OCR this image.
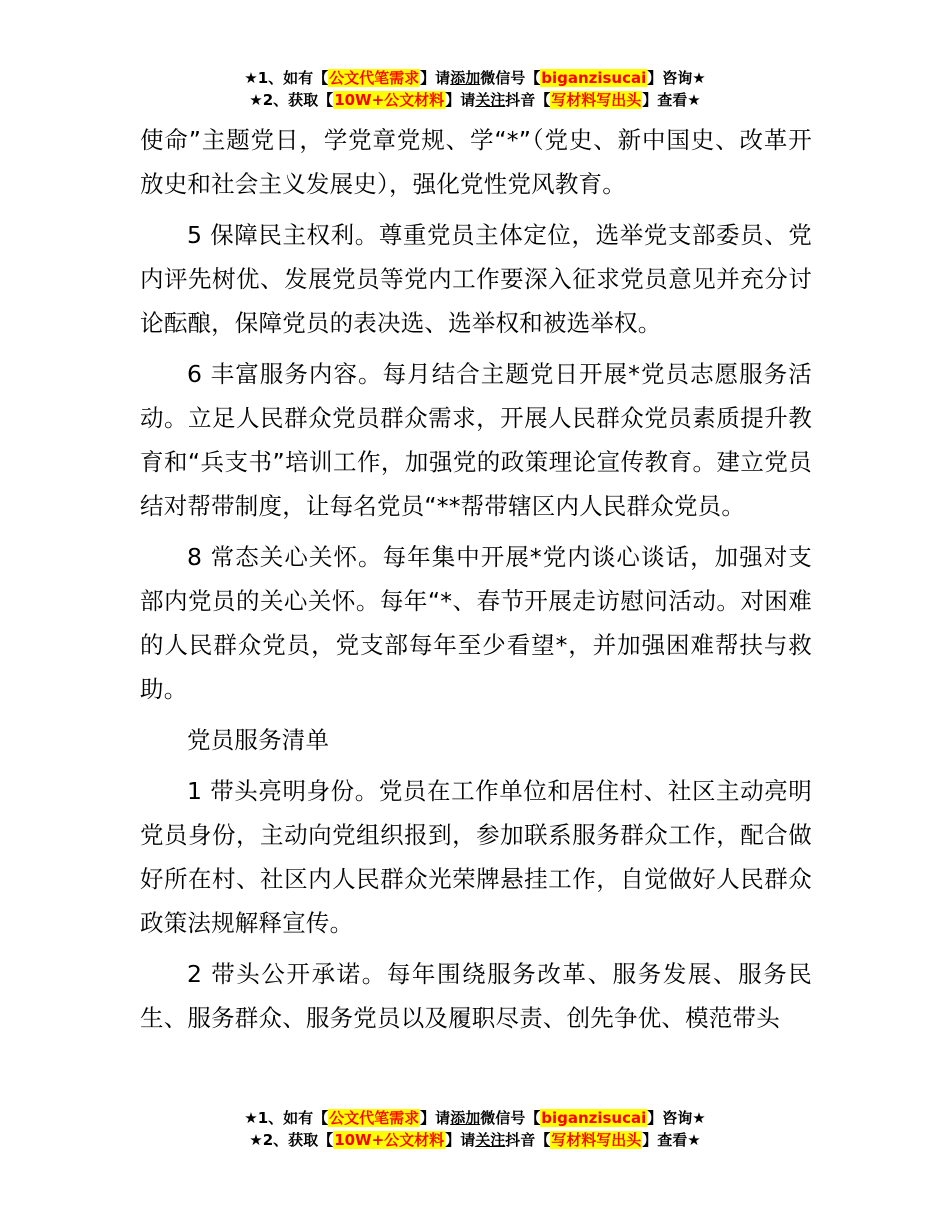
★1、如有【公文代笔需求】请添加微信号【biganzisucai】咨询★
★2、获取【10W+公文材料】请关注抖音【写材料写出头】查看★

使命”主题党日，学党章党规、学“*”（党史、新中国史、改革开放史和社会主义发展史），强化党性党风教育。

5 保障民主权利。尊重党员主体定位，选举党支部委员、党内评先树优、发展党员等党内工作要深入征求党员意见并充分讨论酝酿，保障党员的表决选、选举权和被选举权。

6 丰富服务内容。每月结合主题党日开展*党员志愿服务活动。立足人民群众党员群众需求，开展人民群众党员素质提升教育和“兵支书”培训工作，加强党的政策理论宣传教育。建立党员结对帮带制度，让每名党员“**帮带辖区内人民群众党员。

8 常态关心关怀。每年集中开展*党内谈心谈话，加强对支部内党员的关心关怀。每年“*、春节开展走访慰问活动。对困难的人民群众党员，党支部每年至少看望*，并加强困难帮扶与救助。

党员服务清单

1 带头亮明身份。党员在工作单位和居住村、社区主动亮明党员身份，主动向党组织报到，参加联系服务群众工作，配合做好所在村、社区内人民群众光荣牌悬挂工作，自觉做好人民群众政策法规解释宣传。

2 带头公开承诺。每年围绕服务改革、服务发展、服务民生、服务群众、服务党员以及履职尽责、创先争优、模范带头

★1、如有【公文代笔需求】请添加微信号【biganzisucai】咨询★
★2、获取【10W+公文材料】请关注抖音【写材料写出头】查看★
